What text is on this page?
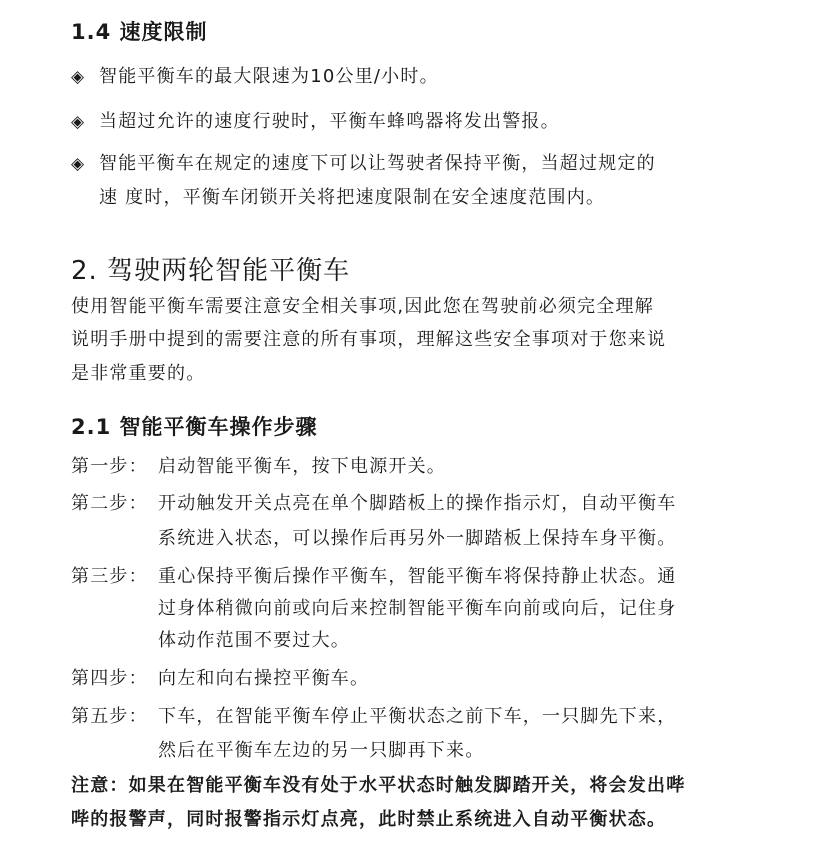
1.4 速度限制
◈ 智能平衡车的最大限速为10公里/小时。
◈ 当超过允许的速度行驶时，平衡车蜂鸣器将发出警报。
◈ 智能平衡车在规定的速度下可以让驾驶者保持平衡，当超过规定的
速 度时，平衡车闭锁开关将把速度限制在安全速度范围内。
2. 驾驶两轮智能平衡车
使用智能平衡车需要注意安全相关事项,因此您在驾驶前必须完全理解
说明手册中提到的需要注意的所有事项，理解这些安全事项对于您来说
是非常重要的。
2.1 智能平衡车操作步骤
第一步： 启动智能平衡车，按下电源开关。
第二步： 开动触发开关点亮在单个脚踏板上的操作指示灯，自动平衡车
系统进入状态，可以操作后再另外一脚踏板上保持车身平衡。
第三步： 重心保持平衡后操作平衡车，智能平衡车将保持静止状态。通
过身体稍微向前或向后来控制智能平衡车向前或向后，记住身
体动作范围不要过大。
第四步： 向左和向右操控平衡车。
第五步： 下车，在智能平衡车停止平衡状态之前下车，一只脚先下来，
然后在平衡车左边的另一只脚再下来。
注意：如果在智能平衡车没有处于水平状态时触发脚踏开关，将会发出哔
哔的报警声，同时报警指示灯点亮，此时禁止系统进入自动平衡状态。
